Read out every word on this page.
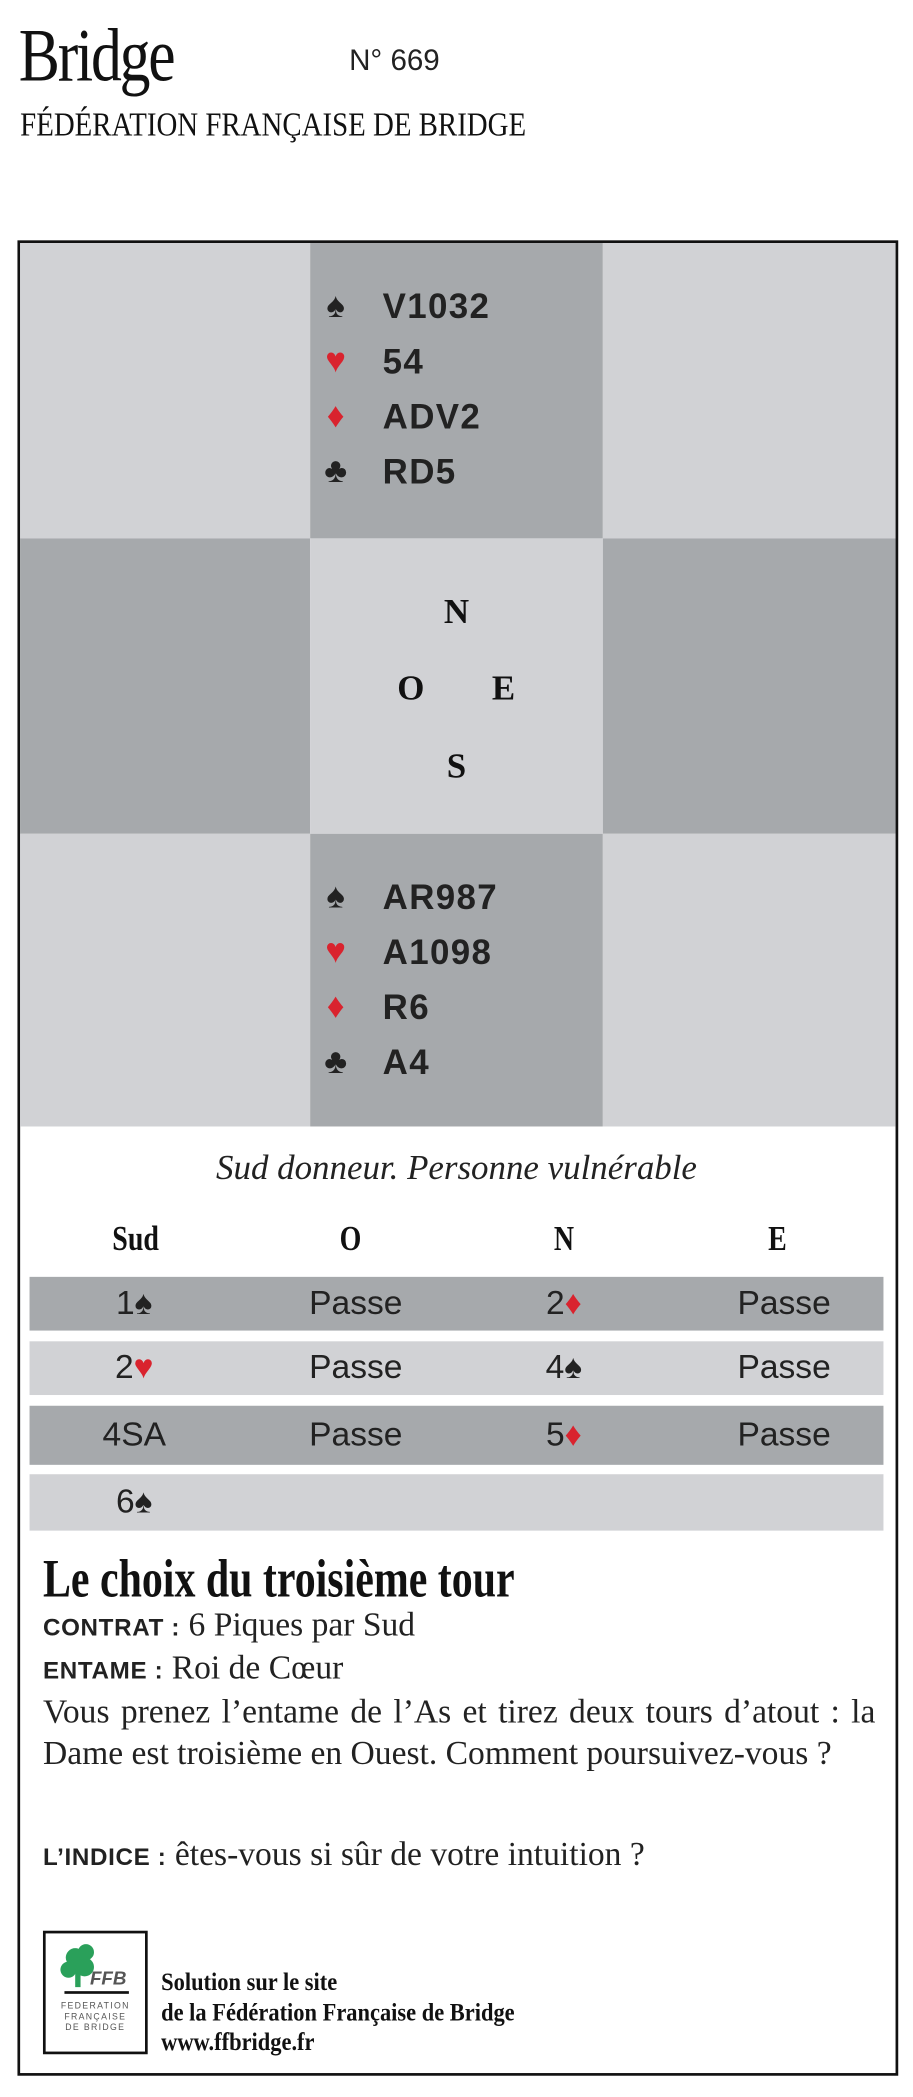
Bridge	N° 669
FÉDÉRATION FRANÇAISE DE BRIDGE
♠	V1032
♥	54
♦	ADV2
♣	RD5
N
O	E
S
♠	AR987
♥	A1098
♦	R6
♣	A4
Sud donneur. Personne vulnérable
Sud	O	N	E
1♠	Passe	2♦	Passe
2♥	Passe	4♠	Passe
4SA	Passe	5♦	Passe
6♠
Le choix du troisième tour
CONTRAT : 6 Piques par Sud
ENTAME : Roi de Cœur
Vous prenez l’entame de l’As et tirez deux tours d’atout : la Dame est troisième en Ouest. Comment poursuivez-vous ?
L’INDICE : êtes-vous si sûr de votre intuition ?
FFB
FEDERATION
FRANÇAISE
DE BRIDGE
Solution sur le site
de la Fédération Française de Bridge
www.ffbridge.fr
